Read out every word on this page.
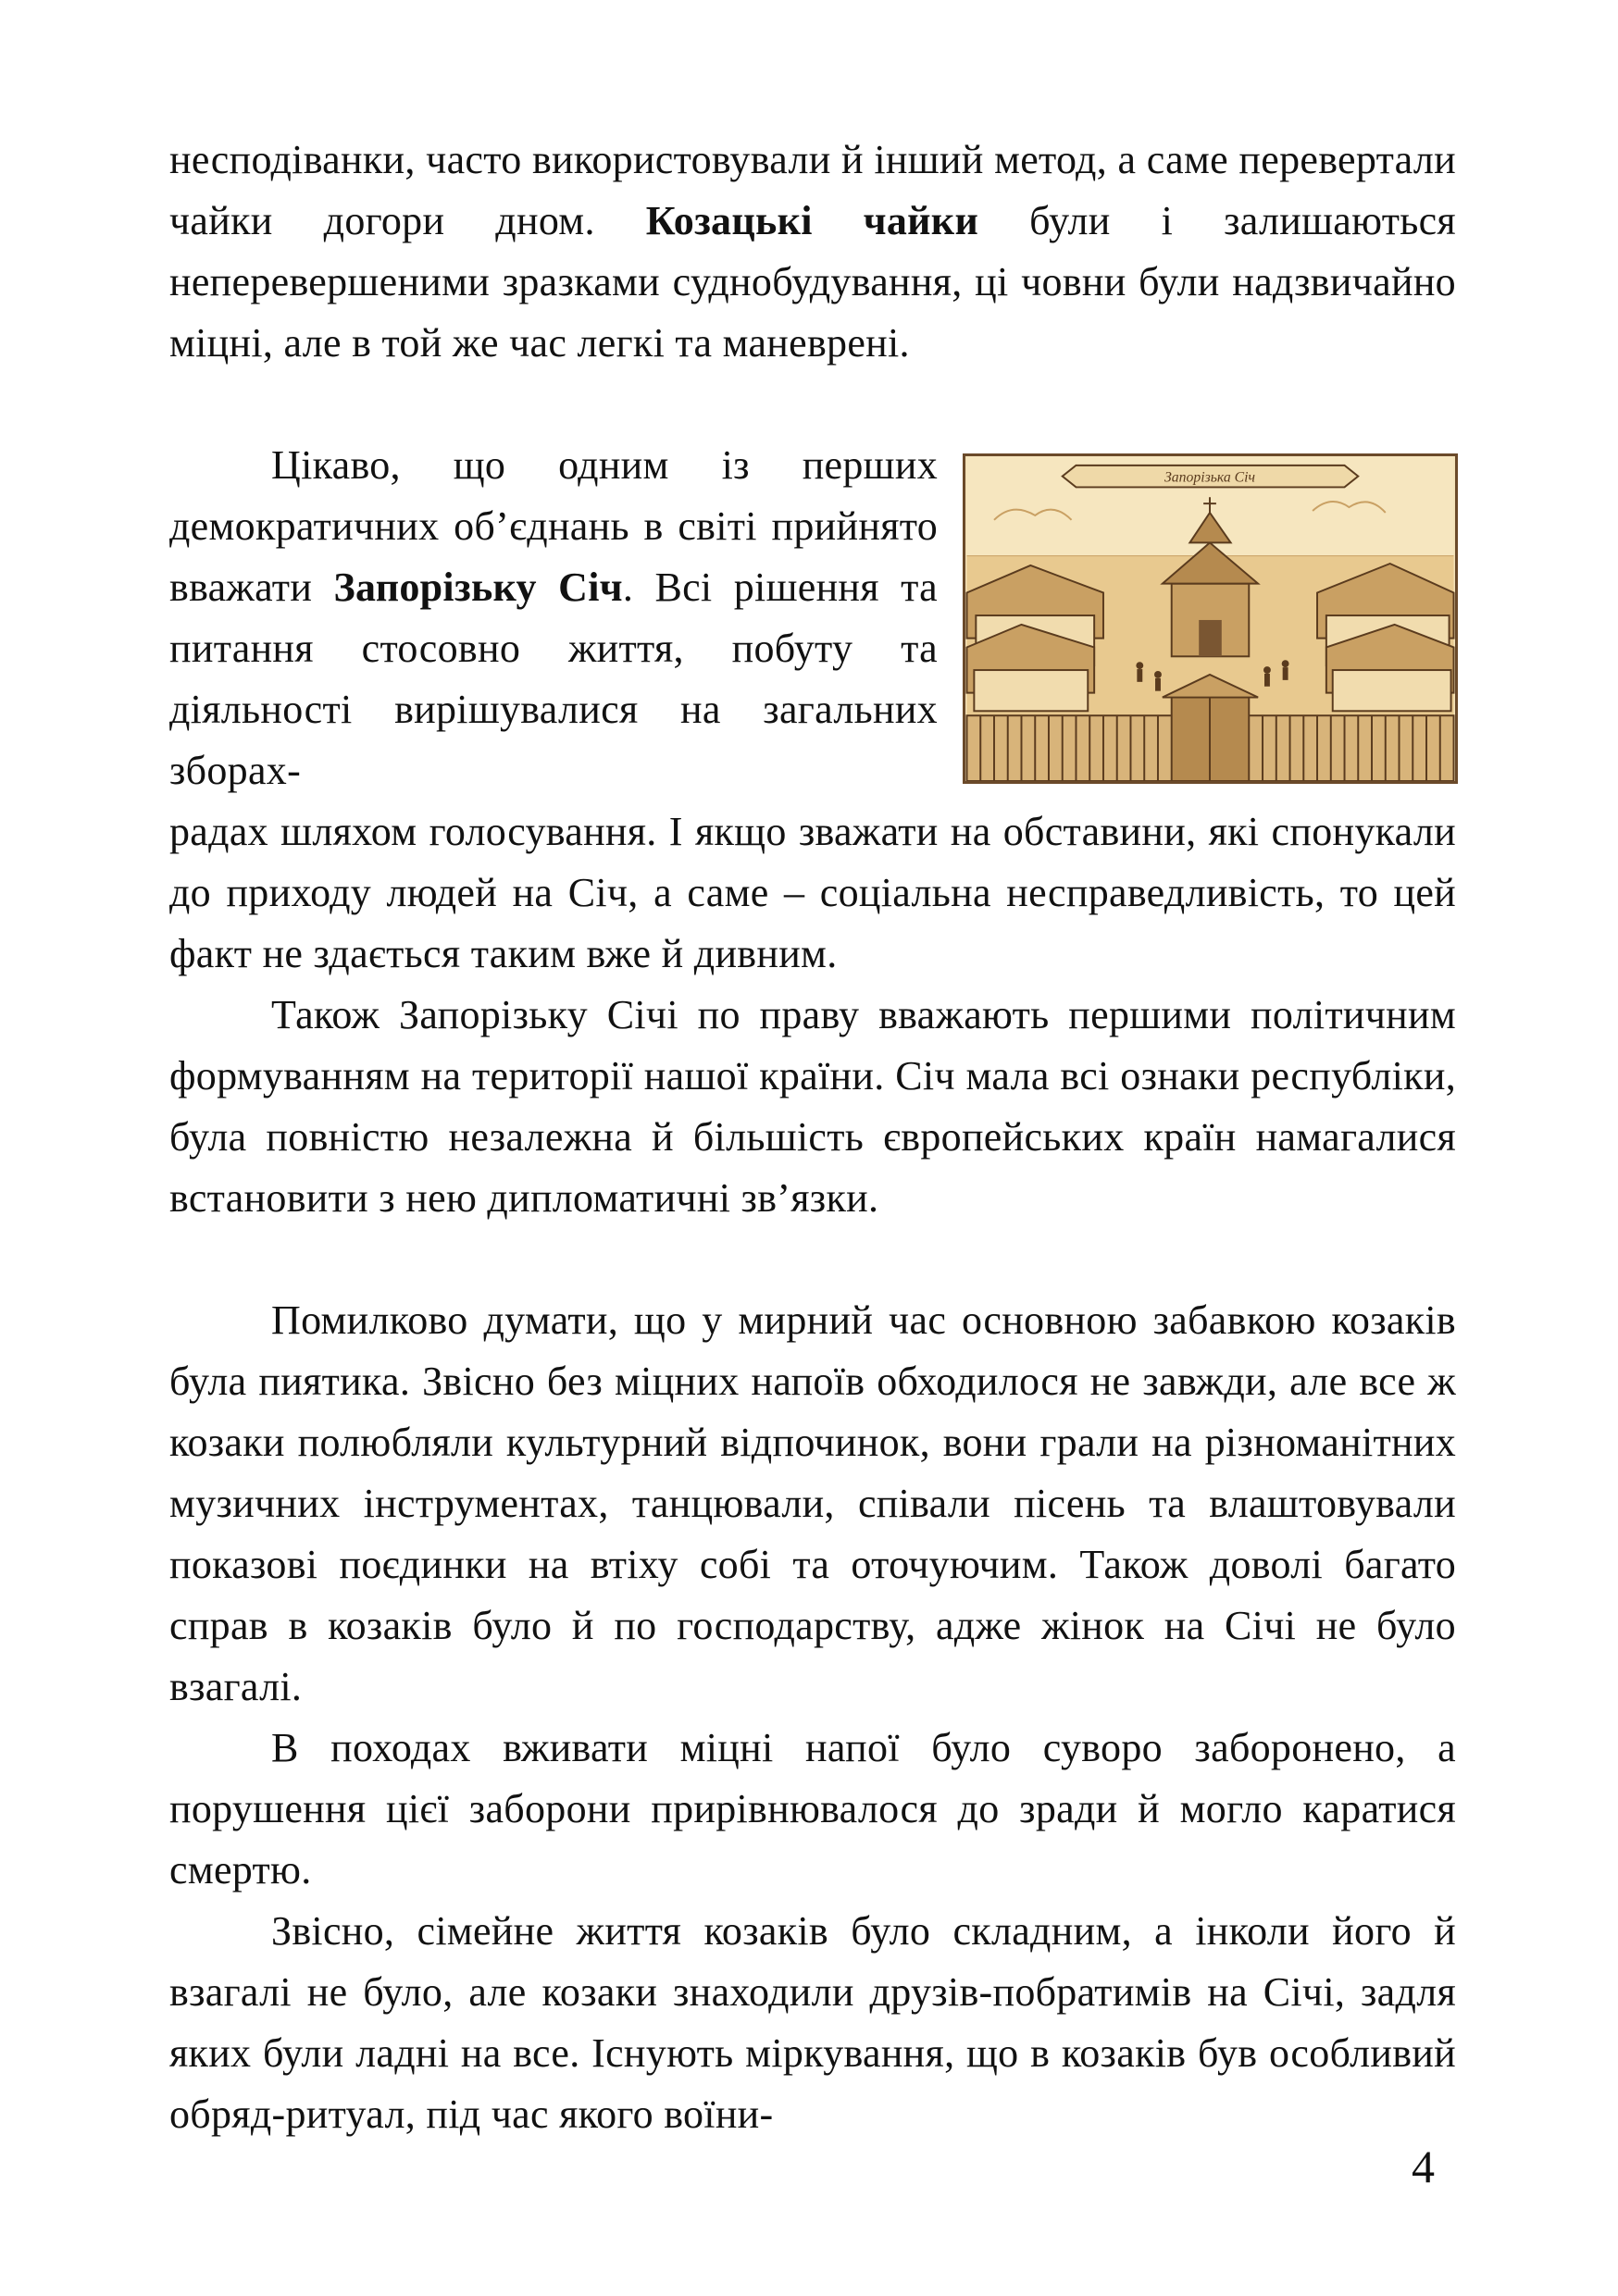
несподіванки, часто використовували й інший метод, а саме перевертали чайки догори дном. Козацькі чайки були і залишаються неперевершеними зразками суднобудування, ці човни були надзвичайно міцні, але в той же час легкі та маневрені.

Цікаво, що одним із перших демократичних об’єднань в світі прийнято вважати Запорізьку Січ. Всі рішення та питання стосовно життя, побуту та діяльності вирішувалися на загальних зборах-

Запорізька Січ

радах шляхом голосування. І якщо зважати на обставини, які спонукали до приходу людей на Січ, а саме – соціальна несправедливість, то цей факт не здається таким вже й дивним.

Також Запорізьку Січі по праву вважають першими політичним формуванням на території нашої країни. Січ мала всі ознаки республіки, була повністю незалежна й більшість європейських країн намагалися встановити з нею дипломатичні зв’язки.

Помилково думати, що у мирний час основною забавкою козаків була пиятика. Звісно без міцних напоїв обходилося не завжди, але все ж козаки полюбляли культурний відпочинок, вони грали на різноманітних музичних інструментах, танцювали, співали пісень та влаштовували показові поєдинки на втіху собі та оточуючим. Також доволі багато справ в козаків було й по господарству, адже жінок на Січі не було взагалі.

В походах вживати міцні напої було суворо заборонено, а порушення цієї заборони прирівнювалося до зради й могло каратися смертю.

Звісно, сімейне життя козаків було складним, а інколи його й взагалі не було, але козаки знаходили друзів-побратимів на Січі, задля яких були ладні на все. Існують міркування, що в козаків був особливий обряд-ритуал, під час якого воїни-

4
